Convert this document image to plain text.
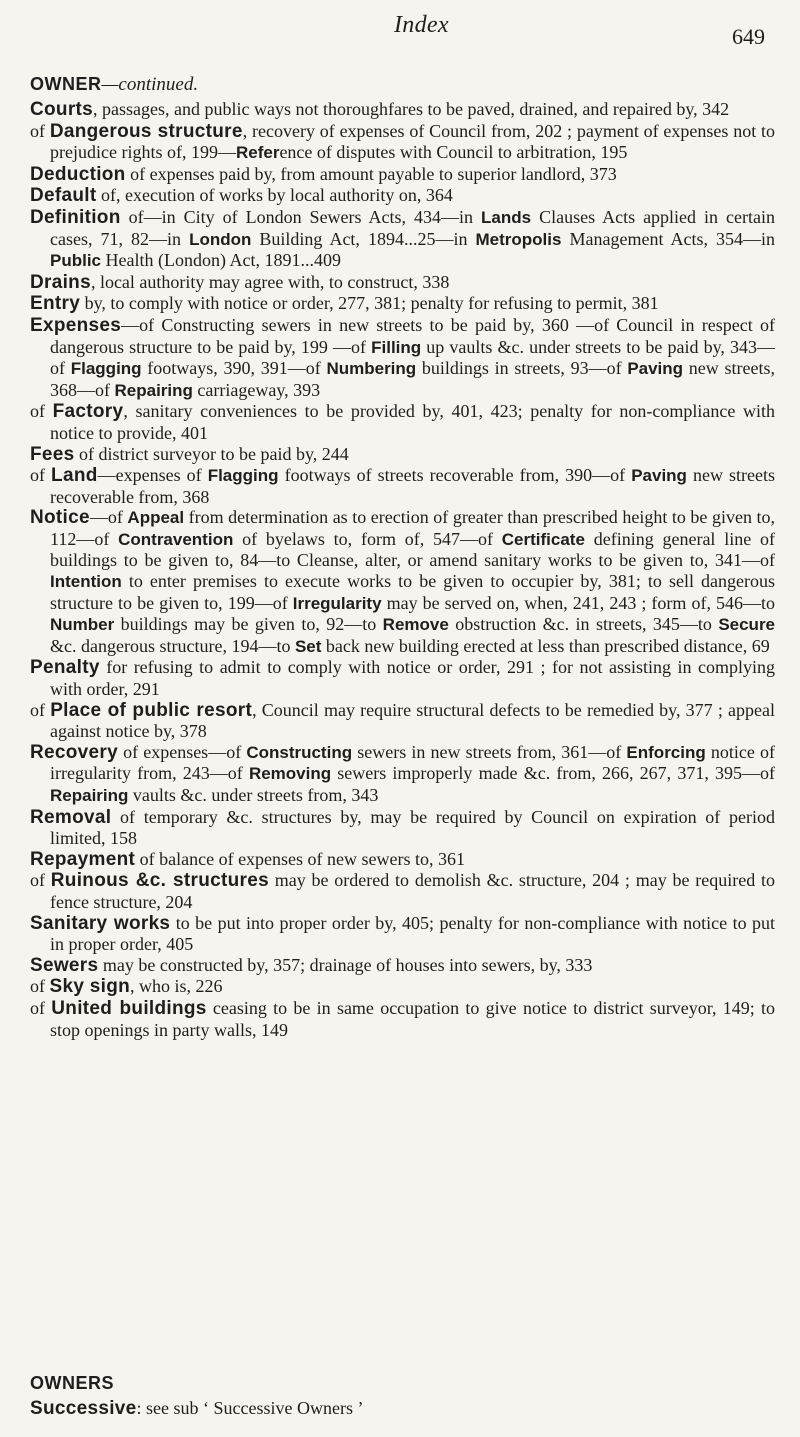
Index	649

OWNER—continued.

Courts, passages, and public ways not thoroughfares to be paved, drained, and repaired by, 342

of Dangerous structure, recovery of expenses of Council from, 202 ; payment of expenses not to prejudice rights of, 199—Reference of disputes with Council to arbitration, 195

Deduction of expenses paid by, from amount payable to superior landlord, 373

Default of, execution of works by local authority on, 364

Definition of—in City of London Sewers Acts, 434—in Lands Clauses Acts applied in certain cases, 71, 82—in London Building Act, 1894...25—in Metropolis Management Acts, 354—in Public Health (London) Act, 1891...409

Drains, local authority may agree with, to construct, 338

Entry by, to comply with notice or order, 277, 381; penalty for refusing to permit, 381

Expenses—of Constructing sewers in new streets to be paid by, 360 —of Council in respect of dangerous structure to be paid by, 199 —of Filling up vaults &c. under streets to be paid by, 343—of Flagging footways, 390, 391—of Numbering buildings in streets, 93—of Paving new streets, 368—of Repairing carriageway, 393

of Factory, sanitary conveniences to be provided by, 401, 423; penalty for non-compliance with notice to provide, 401

Fees of district surveyor to be paid by, 244

of Land—expenses of Flagging footways of streets recoverable from, 390—of Paving new streets recoverable from, 368

Notice—of Appeal from determination as to erection of greater than prescribed height to be given to, 112—of Contravention of byelaws to, form of, 547—of Certificate defining general line of buildings to be given to, 84—to Cleanse, alter, or amend sanitary works to be given to, 341—of Intention to enter premises to execute works to be given to occupier by, 381; to sell dangerous structure to be given to, 199—of Irregularity may be served on, when, 241, 243 ; form of, 546—to Number buildings may be given to, 92—to Remove obstruction &c. in streets, 345—to Secure &c. dangerous structure, 194—to Set back new building erected at less than prescribed distance, 69

Penalty for refusing to admit to comply with notice or order, 291 ; for not assisting in complying with order, 291

of Place of public resort, Council may require structural defects to be remedied by, 377 ; appeal against notice by, 378

Recovery of expenses—of Constructing sewers in new streets from, 361—of Enforcing notice of irregularity from, 243—of Removing sewers improperly made &c. from, 266, 267, 371, 395—of Repairing vaults &c. under streets from, 343

Removal of temporary &c. structures by, may be required by Council on expiration of period limited, 158

Repayment of balance of expenses of new sewers to, 361

of Ruinous &c. structures may be ordered to demolish &c. structure, 204 ; may be required to fence structure, 204

Sanitary works to be put into proper order by, 405; penalty for non-compliance with notice to put in proper order, 405

Sewers may be constructed by, 357; drainage of houses into sewers, by, 333

of Sky sign, who is, 226

of United buildings ceasing to be in same occupation to give notice to district surveyor, 149; to stop openings in party walls, 149

OWNERS

Successive: see sub ‘ Successive Owners ’
